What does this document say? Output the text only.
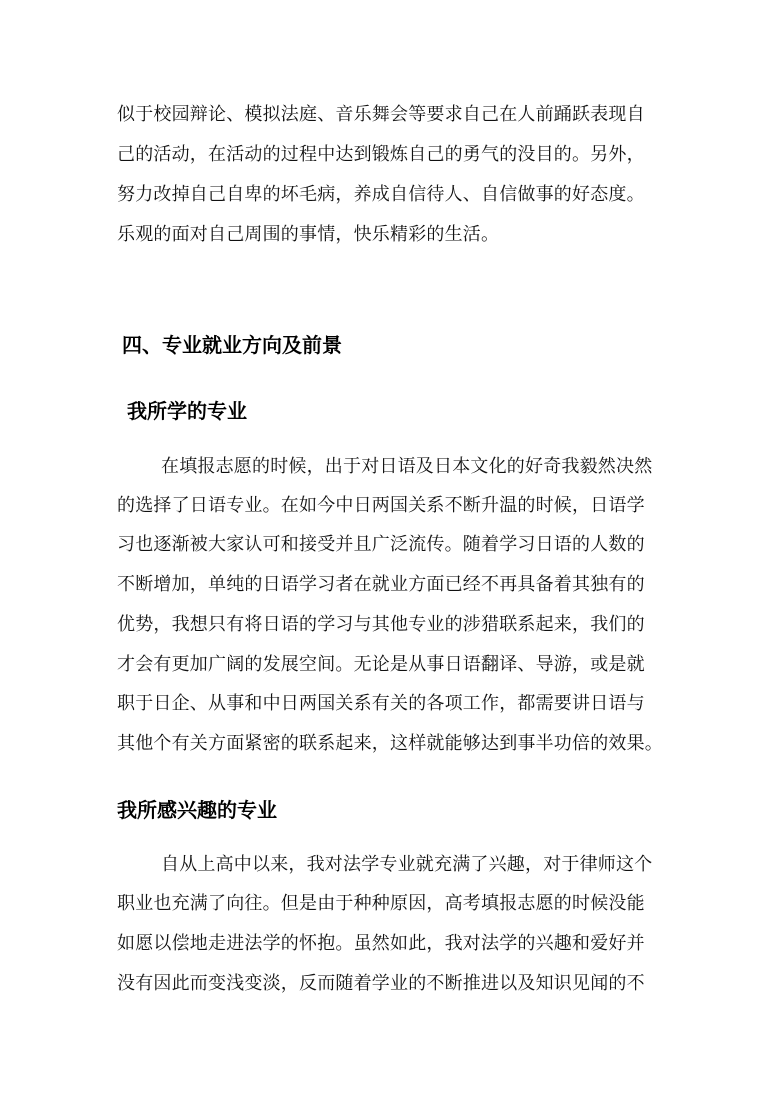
似于校园辩论、模拟法庭、音乐舞会等要求自己在人前踊跃表现自

己的活动，在活动的过程中达到锻炼自己的勇气的没目的。另外，

努力改掉自己自卑的坏毛病，养成自信待人、自信做事的好态度。

乐观的面对自己周围的事情，快乐精彩的生活。

四、专业就业方向及前景
我所学的专业

在填报志愿的时候，出于对日语及日本文化的好奇我毅然决然

的选择了日语专业。在如今中日两国关系不断升温的时候，日语学

习也逐渐被大家认可和接受并且广泛流传。随着学习日语的人数的

不断增加，单纯的日语学习者在就业方面已经不再具备着其独有的

优势，我想只有将日语的学习与其他专业的涉猎联系起来，我们的

才会有更加广阔的发展空间。无论是从事日语翻译、导游，或是就

职于日企、从事和中日两国关系有关的各项工作，都需要讲日语与

其他个有关方面紧密的联系起来，这样就能够达到事半功倍的效果。

我所感兴趣的专业

自从上高中以来，我对法学专业就充满了兴趣，对于律师这个

职业也充满了向往。但是由于种种原因，高考填报志愿的时候没能

如愿以偿地走进法学的怀抱。虽然如此，我对法学的兴趣和爱好并

没有因此而变浅变淡，反而随着学业的不断推进以及知识见闻的不
